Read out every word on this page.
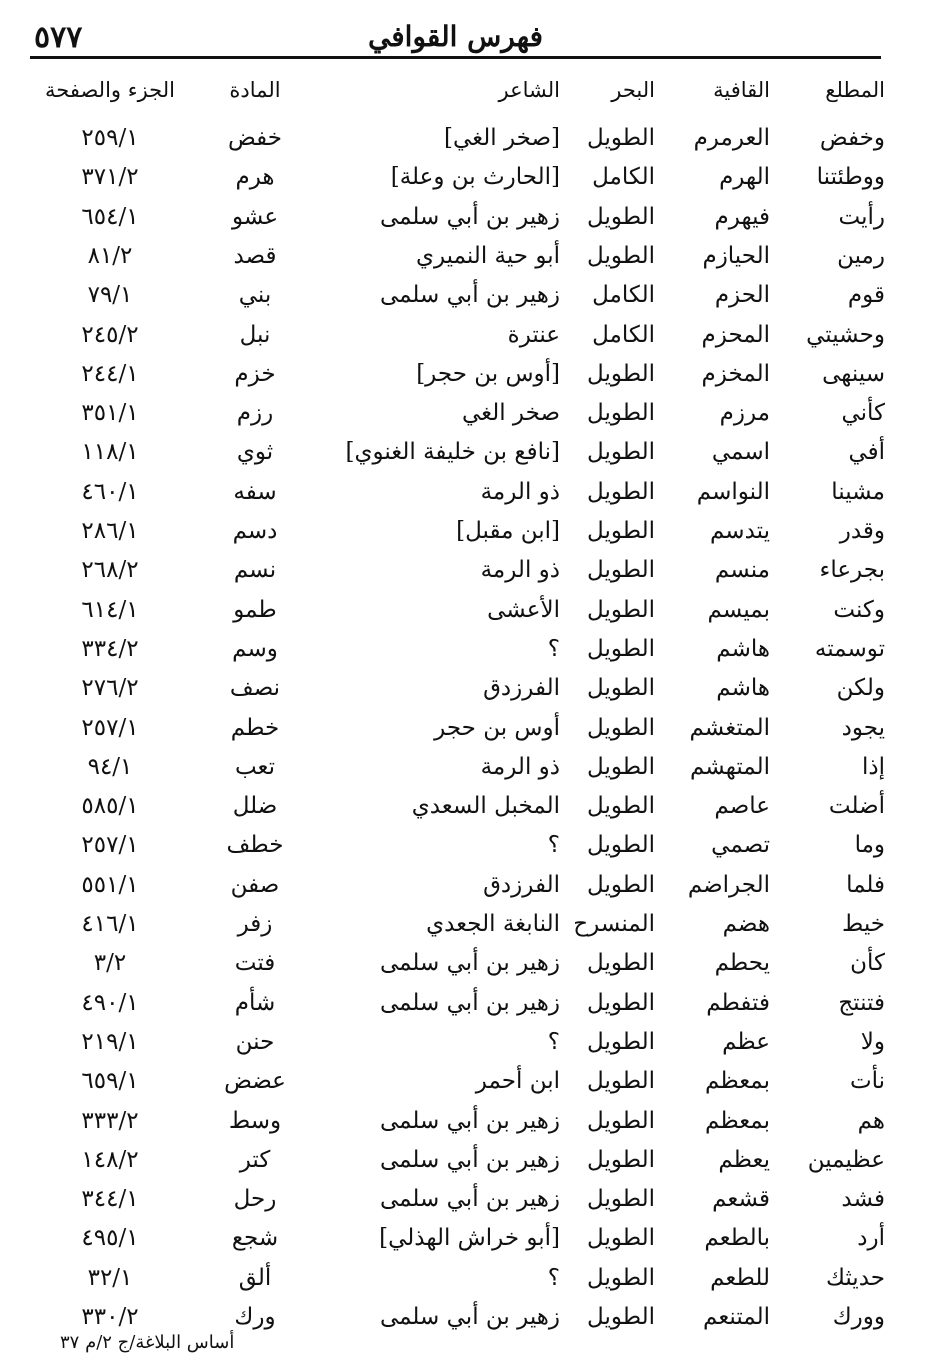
٥٧٧	فهرس القوافي
المطلع
القافية
البحر
الشاعر
المادة
الجزء والصفحة
وخفض
العرمرم
الطويل
[صخر الغي]
خفض
٢٥٩/١
ووطئتنا
الهرم
الكامل
[الحارث بن وعلة]
هرم
٣٧١/٢
رأيت
فيهرم
الطويل
زهير بن أبي سلمى
عشو
٦٥٤/١
رمين
الحيازم
الطويل
أبو حية النميري
قصد
٨١/٢
قوم
الحزم
الكامل
زهير بن أبي سلمى
بني
٧٩/١
وحشيتي
المحزم
الكامل
عنترة
نبل
٢٤٥/٢
سينهى
المخزم
الطويل
[أوس بن حجر]
خزم
٢٤٤/١
كأني
مرزم
الطويل
صخر الغي
رزم
٣٥١/١
أفي
اسمي
الطويل
[نافع بن خليفة الغنوي]
ثوي
١١٨/١
مشينا
النواسم
الطويل
ذو الرمة
سفه
٤٦٠/١
وقدر
يتدسم
الطويل
[ابن مقبل]
دسم
٢٨٦/١
بجرعاء
منسم
الطويل
ذو الرمة
نسم
٢٦٨/٢
وكنت
بميسم
الطويل
الأعشى
طمو
٦١٤/١
توسمته
هاشم
الطويل
؟
وسم
٣٣٤/٢
ولكن
هاشم
الطويل
الفرزدق
نصف
٢٧٦/٢
يجود
المتغشم
الطويل
أوس بن حجر
خطم
٢٥٧/١
إذا
المتهشم
الطويل
ذو الرمة
تعب
٩٤/١
أضلت
عاصم
الطويل
المخبل السعدي
ضلل
٥٨٥/١
وما
تصمي
الطويل
؟
خطف
٢٥٧/١
فلما
الجراضم
الطويل
الفرزدق
صفن
٥٥١/١
خيط
هضم
المنسرح
النابغة الجعدي
زفر
٤١٦/١
كأن
يحطم
الطويل
زهير بن أبي سلمى
فتت
٣/٢
فتنتج
فتفطم
الطويل
زهير بن أبي سلمى
شأم
٤٩٠/١
ولا
عظم
الطويل
؟
حنن
٢١٩/١
نأت
بمعظم
الطويل
ابن أحمر
عضض
٦٥٩/١
هم
بمعظم
الطويل
زهير بن أبي سلمى
وسط
٣٣٣/٢
عظيمين
يعظم
الطويل
زهير بن أبي سلمى
كتر
١٤٨/٢
فشد
قشعم
الطويل
زهير بن أبي سلمى
رحل
٣٤٤/١
أرد
بالطعم
الطويل
[أبو خراش الهذلي]
شجع
٤٩٥/١
حديثك
للطعم
الطويل
؟
ألق
٣٢/١
وورك
المتنعم
الطويل
زهير بن أبي سلمى
ورك
٣٣٠/٢
أساس البلاغة/ج ٢/م ٣٧
